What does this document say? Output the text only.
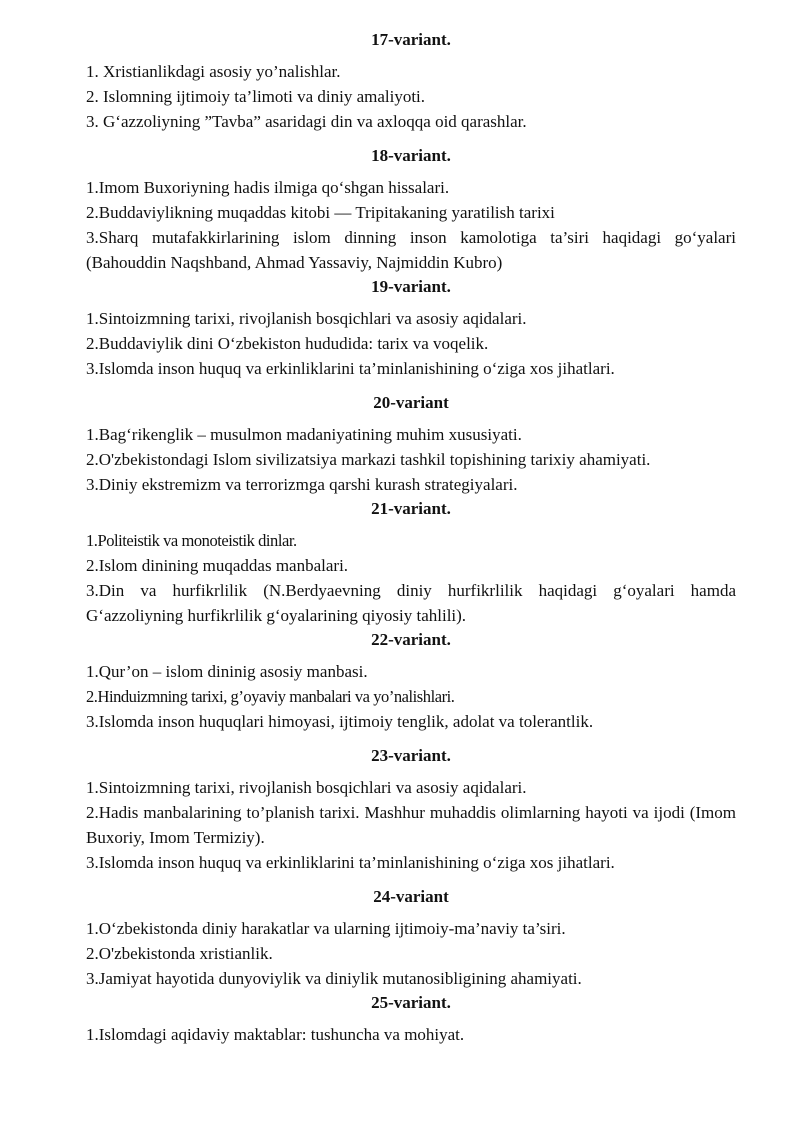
17-variant.

1. Xristianlikdagi asosiy yo’nalishlar.

2. Islomning ijtimoiy ta’limoti va diniy amaliyoti.

3. G‘azzoliyning ”Tavba” asaridagi din va axloqqa oid qarashlar.

18-variant.

1.Imom Buxoriyning hadis ilmiga qo‘shgan hissalari.

2.Buddaviylikning muqaddas kitobi — Tripitakaning yaratilish tarixi

3.Sharq mutafakkirlarining islom dinning inson kamolotiga ta’siri haqidagi go‘yalari (Bahouddin Naqshband, Ahmad Yassaviy, Najmiddin Kubro)

19-variant.

1.Sintoizmning tarixi, rivojlanish bosqichlari va asosiy aqidalari.

2.Buddaviylik dini O‘zbekiston hududida: tarix va voqelik.

3.Islomda inson huquq va erkinliklarini ta’minlanishining o‘ziga xos jihatlari.

20-variant

1.Bag‘rikenglik – musulmon madaniyatining muhim xususiyati.

2.O'zbekistondagi Islom sivilizatsiya markazi tashkil topishining tarixiy ahamiyati.

3.Diniy ekstremizm va terrorizmga qarshi kurash strategiyalari.

21-variant.

1.Politeistik va monoteistik dinlar.

2.Islom dinining muqaddas manbalari.

3.Din va hurfikrlilik (N.Berdyaevning diniy hurfikrlilik haqidagi g‘oyalari hamda G‘azzoliyning hurfikrlilik g‘oyalarining qiyosiy tahlili).

22-variant.

1.Qur’on – islom dininig asosiy manbasi.

2.Hinduizmning tarixi, g’oyaviy manbalari va yo’nalishlari.

3.Islomda inson huquqlari himoyasi, ijtimoiy tenglik, adolat va tolerantlik.

23-variant.

1.Sintoizmning tarixi, rivojlanish bosqichlari va asosiy aqidalari.

2.Hadis manbalarining to’planish tarixi. Mashhur muhaddis olimlarning hayoti va ijodi (Imom Buxoriy, Imom Termiziy).

3.Islomda inson huquq va erkinliklarini ta’minlanishining o‘ziga xos jihatlari.

24-variant

1.O‘zbekistonda diniy harakatlar va ularning ijtimoiy-ma’naviy ta’siri.

2.O'zbekistonda xristianlik.

3.Jamiyat hayotida dunyoviylik va diniylik mutanosibligining ahamiyati.

25-variant.

1.Islomdagi aqidaviy maktablar: tushuncha va mohiyat.
